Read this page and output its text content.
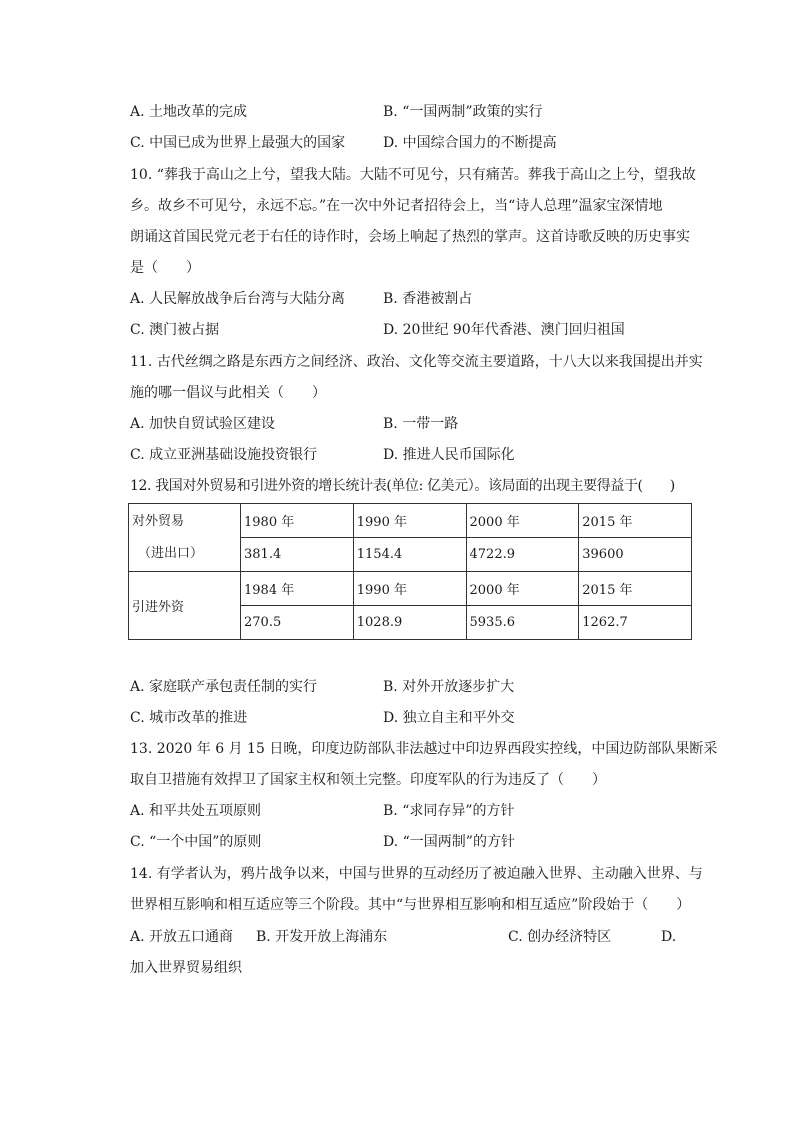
A. 土地改革的完成	B. “一国两制”政策的实行
C. 中国已成为世界上最强大的国家	D. 中国综合国力的不断提高
10. “葬我于高山之上兮，望我大陆。大陆不可见兮，只有痛苦。葬我于高山之上兮，望我故
乡。故乡不可见兮，永远不忘。”在一次中外记者招待会上，当“诗人总理”温家宝深情地
朗诵这首国民党元老于右任的诗作时，会场上响起了热烈的掌声。这首诗歌反映的历史事实
是（　　）
A. 人民解放战争后台湾与大陆分离	B. 香港被割占
C. 澳门被占据	D. 20世纪 90年代香港、澳门回归祖国
11. 古代丝绸之路是东西方之间经济、政治、文化等交流主要道路，十八大以来我国提出并实
施的哪一倡议与此相关（　　）
A. 加快自贸试验区建设	B. 一带一路
C. 成立亚洲基础设施投资银行	D. 推进人民币国际化
12. 我国对外贸易和引进外资的增长统计表(单位: 亿美元）。该局面的出现主要得益于(　　)
对外贸易
（进出口）	1980 年	1990 年	2000 年	2015 年
	381.4	1154.4	4722.9	39600
引进外资	1984 年	1990 年	2000 年	2015 年
	270.5	1028.9	5935.6	1262.7
A. 家庭联产承包责任制的实行	B. 对外开放逐步扩大
C. 城市改革的推进	D. 独立自主和平外交
13. 2020 年 6 月 15 日晚，印度边防部队非法越过中印边界西段实控线，中国边防部队果断采
取自卫措施有效捍卫了国家主权和领土完整。印度军队的行为违反了（　　）
A. 和平共处五项原则	B. “求同存异”的方针
C. “一个中国”的原则	D. “一国两制”的方针
14. 有学者认为，鸦片战争以来，中国与世界的互动经历了被迫融入世界、主动融入世界、与
世界相互影响和相互适应等三个阶段。其中“与世界相互影响和相互适应”阶段始于（　　）
A. 开放五口通商 B. 开发开放上海浦东	C. 创办经济特区	D.
加入世界贸易组织
